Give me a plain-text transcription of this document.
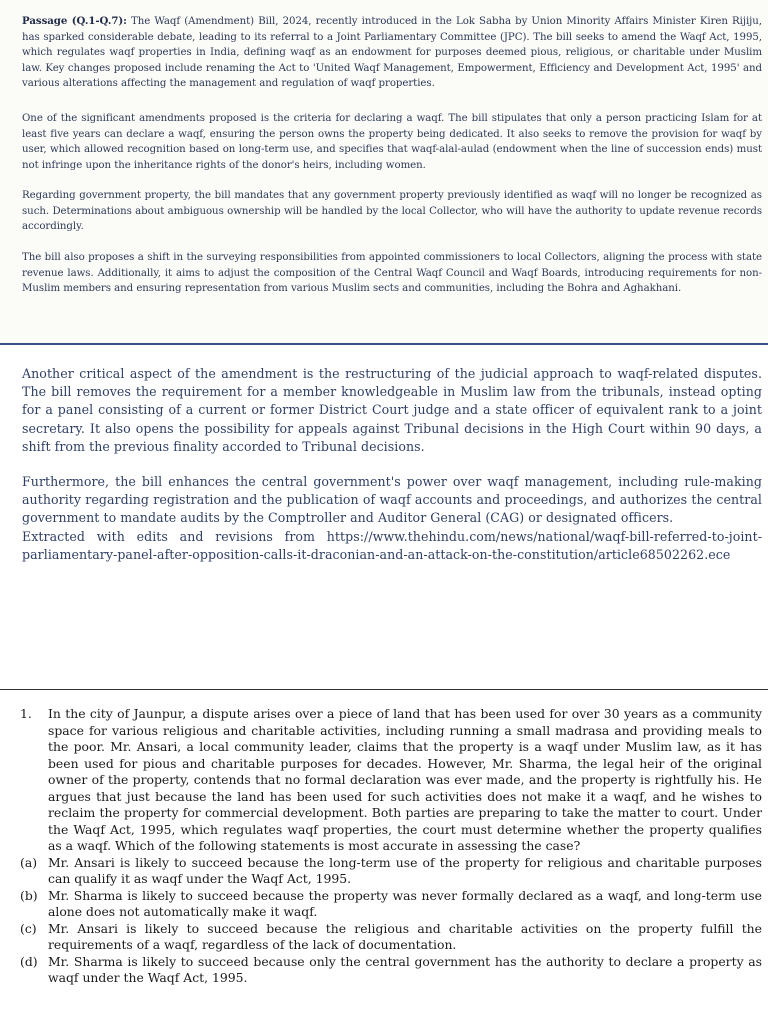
Passage (Q.1-Q.7): The Waqf (Amendment) Bill, 2024, recently introduced in the Lok Sabha by Union Minority Affairs Minister Kiren Rijiju, has sparked considerable debate, leading to its referral to a Joint Parliamentary Committee (JPC). The bill seeks to amend the Waqf Act, 1995, which regulates waqf properties in India, defining waqf as an endowment for purposes deemed pious, religious, or charitable under Muslim law. Key changes proposed include renaming the Act to 'United Waqf Management, Empowerment, Efficiency and Development Act, 1995' and various alterations affecting the management and regulation of waqf properties.

One of the significant amendments proposed is the criteria for declaring a waqf. The bill stipulates that only a person practicing Islam for at least five years can declare a waqf, ensuring the person owns the property being dedicated. It also seeks to remove the provision for waqf by user, which allowed recognition based on long-term use, and specifies that waqf-alal-aulad (endowment when the line of succession ends) must not infringe upon the inheritance rights of the donor's heirs, including women.

Regarding government property, the bill mandates that any government property previously identified as waqf will no longer be recognized as such. Determinations about ambiguous ownership will be handled by the local Collector, who will have the authority to update revenue records accordingly.

The bill also proposes a shift in the surveying responsibilities from appointed commissioners to local Collectors, aligning the process with state revenue laws. Additionally, it aims to adjust the composition of the Central Waqf Council and Waqf Boards, introducing requirements for non-Muslim members and ensuring representation from various Muslim sects and communities, including the Bohra and Aghakhani.

Another critical aspect of the amendment is the restructuring of the judicial approach to waqf-related disputes. The bill removes the requirement for a member knowledgeable in Muslim law from the tribunals, instead opting for a panel consisting of a current or former District Court judge and a state officer of equivalent rank to a joint secretary. It also opens the possibility for appeals against Tribunal decisions in the High Court within 90 days, a shift from the previous finality accorded to Tribunal decisions.

Furthermore, the bill enhances the central government's power over waqf management, including rule-making authority regarding registration and the publication of waqf accounts and proceedings, and authorizes the central government to mandate audits by the Comptroller and Auditor General (CAG) or designated officers.

Extracted with edits and revisions from https://www.thehindu.com/news/national/waqf-bill-referred-to-joint-parliamentary-panel-after-opposition-calls-it-draconian-and-an-attack-on-the-constitution/article68502262.ece

1. In the city of Jaunpur, a dispute arises over a piece of land that has been used for over 30 years as a community space for various religious and charitable activities, including running a small madrasa and providing meals to the poor. Mr. Ansari, a local community leader, claims that the property is a waqf under Muslim law, as it has been used for pious and charitable purposes for decades. However, Mr. Sharma, the legal heir of the original owner of the property, contends that no formal declaration was ever made, and the property is rightfully his. He argues that just because the land has been used for such activities does not make it a waqf, and he wishes to reclaim the property for commercial development. Both parties are preparing to take the matter to court. Under the Waqf Act, 1995, which regulates waqf properties, the court must determine whether the property qualifies as a waqf. Which of the following statements is most accurate in assessing the case?
(a) Mr. Ansari is likely to succeed because the long-term use of the property for religious and charitable purposes can qualify it as waqf under the Waqf Act, 1995.
(b) Mr. Sharma is likely to succeed because the property was never formally declared as a waqf, and long-term use alone does not automatically make it waqf.
(c) Mr. Ansari is likely to succeed because the religious and charitable activities on the property fulfill the requirements of a waqf, regardless of the lack of documentation.
(d) Mr. Sharma is likely to succeed because only the central government has the authority to declare a property as waqf under the Waqf Act, 1995.
